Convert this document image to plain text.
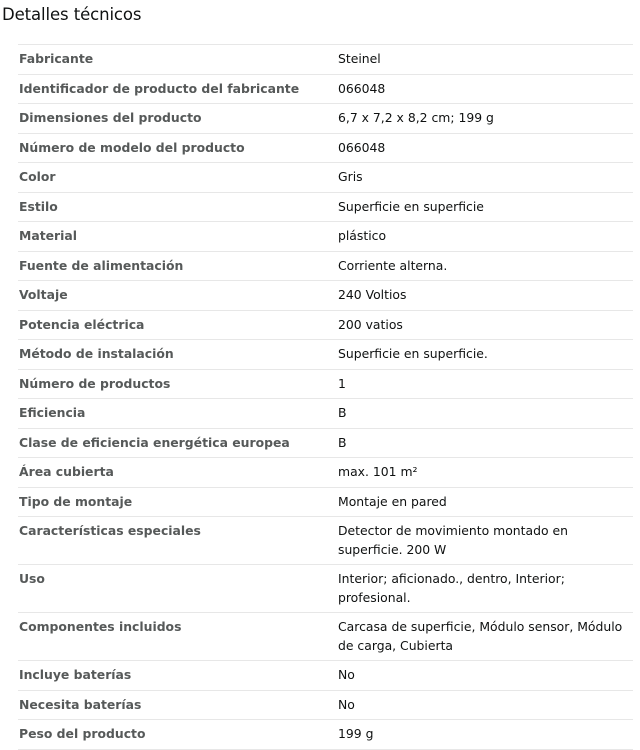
Detalles técnicos
Fabricante	Steinel
Identificador de producto del fabricante	066048
Dimensiones del producto	6,7 x 7,2 x 8,2 cm; 199 g
Número de modelo del producto	066048
Color	Gris
Estilo	Superficie en superficie
Material	plástico
Fuente de alimentación	Corriente alterna.
Voltaje	240 Voltios
Potencia eléctrica	200 vatios
Método de instalación	Superficie en superficie.
Número de productos	1
Eficiencia	B
Clase de eficiencia energética europea	B
Área cubierta	max. 101 m²
Tipo de montaje	Montaje en pared
Características especiales	Detector de movimiento montado en superficie. 200 W
Uso	Interior; aficionado., dentro, Interior; profesional.
Componentes incluidos	Carcasa de superficie, Módulo sensor, Módulo de carga, Cubierta
Incluye baterías	No
Necesita baterías	No
Peso del producto	199 g
